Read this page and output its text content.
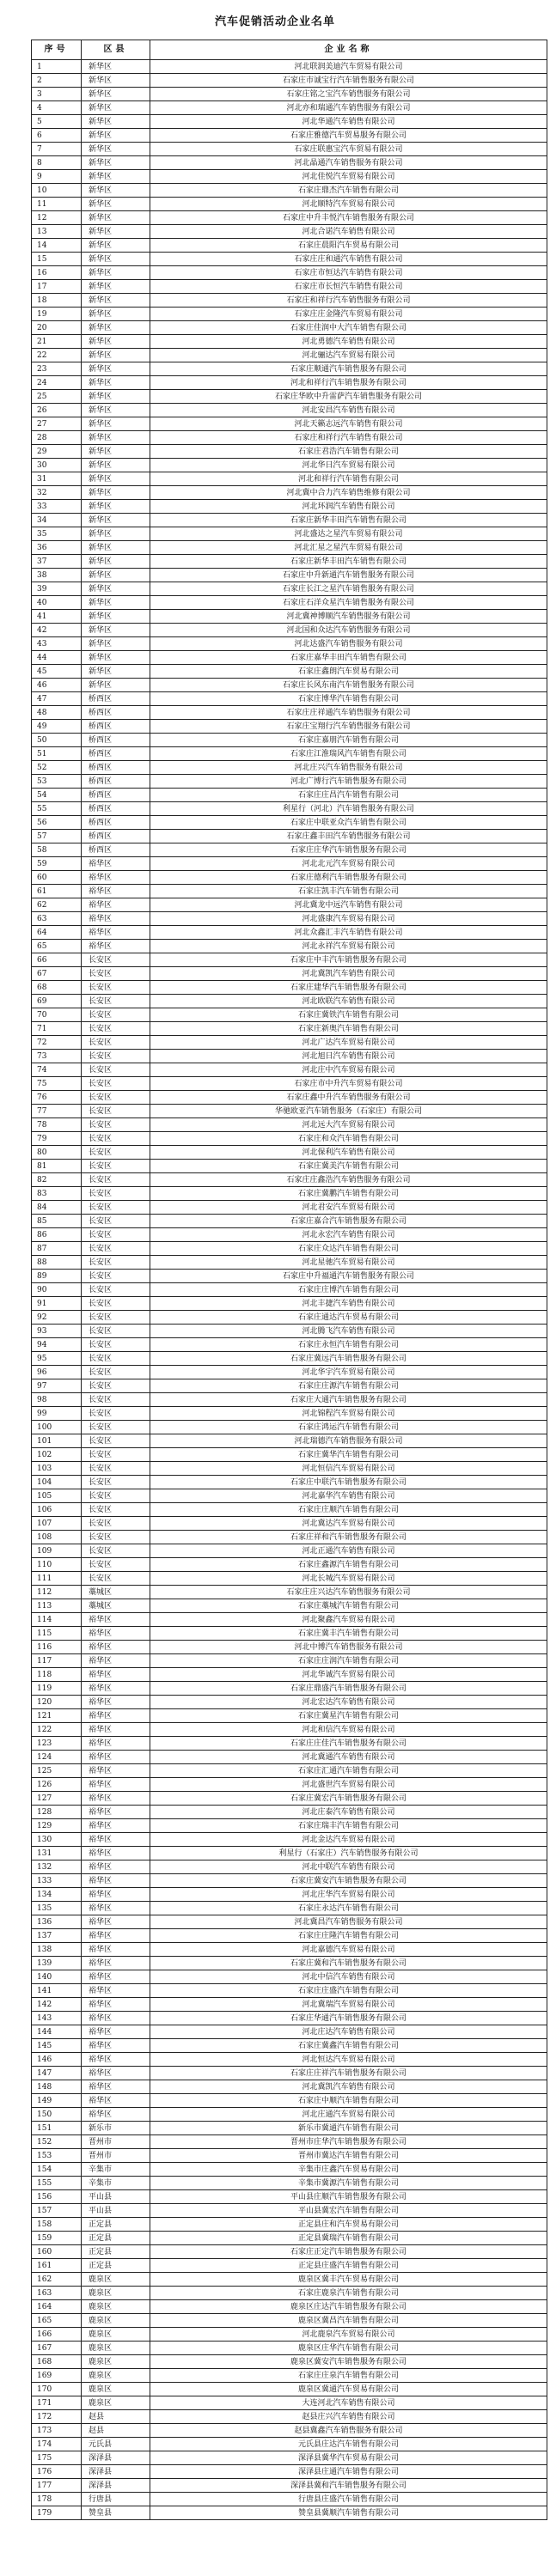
汽车促销活动企业名单
序号	区县	企业名称
1	新华区	河北联润美迪汽车贸易有限公司
2	新华区	石家庄市诚宝行汽车销售服务有限公司
3	新华区	石家庄铭之宝汽车销售服务有限公司
4	新华区	河北亦和瑞通汽车销售服务有限公司
5	新华区	河北华通汽车销售有限公司
6	新华区	石家庄雅德汽车贸易服务有限公司
7	新华区	石家庄联惠宝汽车贸易有限公司
8	新华区	河北晶通汽车销售服务有限公司
9	新华区	河北佳悦汽车贸易有限公司
10	新华区	石家庄鼎杰汽车销售有限公司
11	新华区	河北顺特汽车贸易有限公司
12	新华区	石家庄中升丰悦汽车销售服务有限公司
13	新华区	河北合诺汽车销售有限公司
14	新华区	石家庄晨阳汽车贸易有限公司
15	新华区	石家庄庄和通汽车销售有限公司
16	新华区	石家庄市恒达汽车销售有限公司
17	新华区	石家庄市长恒汽车销售有限公司
18	新华区	石家庄和祥行汽车销售服务有限公司
19	新华区	石家庄庄金隆汽车贸易有限公司
20	新华区	石家庄佳润中大汽车销售有限公司
21	新华区	河北勇德汽车销售有限公司
22	新华区	河北骊达汽车贸易有限公司
23	新华区	石家庄顺通汽车销售服务有限公司
24	新华区	河北和祥行汽车销售服务有限公司
25	新华区	石家庄华欧中升雷萨汽车销售服务有限公司
26	新华区	河北安昌汽车销售有限公司
27	新华区	河北天籁志远汽车销售有限公司
28	新华区	石家庄和祥行汽车销售有限公司
29	新华区	石家庄君浩汽车销售有限公司
30	新华区	河北华日汽车贸易有限公司
31	新华区	河北和祥行汽车销售有限公司
32	新华区	河北冀中合力汽车销售维修有限公司
33	新华区	河北环润汽车销售有限公司
34	新华区	石家庄新华丰田汽车销售有限公司
35	新华区	河北盛达之星汽车贸易有限公司
36	新华区	河北汇星之星汽车贸易有限公司
37	新华区	石家庄新华丰田汽车销售有限公司
38	新华区	石家庄中升新通汽车销售服务有限公司
39	新华区	石家庄长江之星汽车销售服务有限公司
40	新华区	石家庄石洋众星汽车销售服务有限公司
41	新华区	河北冀神博顺汽车销售服务有限公司
42	新华区	河北国和众达汽车销售服务有限公司
43	新华区	河北达盛汽车销售服务有限公司
44	新华区	石家庄嘉华丰田汽车销售有限公司
45	新华区	石家庄鑫朗汽车贸易有限公司
46	新华区	石家庄长风东南汽车销售服务有限公司
47	桥西区	石家庄博华汽车销售有限公司
48	桥西区	石家庄庄祥通汽车销售服务有限公司
49	桥西区	石家庄宝翔行汽车销售服务有限公司
50	桥西区	石家庄嘉朋汽车销售有限公司
51	桥西区	石家庄江淮瑞风汽车销售有限公司
52	桥西区	河北庄兴汽车销售服务有限公司
53	桥西区	河北广博行汽车销售服务有限公司
54	桥西区	石家庄庄昌汽车销售有限公司
55	桥西区	利星行（河北）汽车销售服务有限公司
56	桥西区	石家庄中联亚众汽车销售有限公司
57	桥西区	石家庄鑫丰田汽车销售服务有限公司
58	桥西区	石家庄庄华汽车销售服务有限公司
59	裕华区	河北北元汽车贸易有限公司
60	裕华区	石家庄德利汽车销售服务有限公司
61	裕华区	石家庄凯丰汽车销售有限公司
62	裕华区	河北冀龙中远汽车销售有限公司
63	裕华区	河北盛康汽车贸易有限公司
64	裕华区	河北众鑫汇丰汽车销售有限公司
65	裕华区	河北永祥汽车贸易有限公司
66	长安区	石家庄中丰汽车销售服务有限公司
67	长安区	河北冀凯汽车销售有限公司
68	长安区	石家庄建华汽车销售服务有限公司
69	长安区	河北欧联汽车销售有限公司
70	长安区	石家庄冀铁汽车销售有限公司
71	长安区	石家庄新奥汽车销售有限公司
72	长安区	河北广达汽车贸易有限公司
73	长安区	河北旭日汽车销售有限公司
74	长安区	河北庄中汽车贸易有限公司
75	长安区	石家庄市中升汽车贸易有限公司
76	长安区	石家庄鑫中升汽车销售服务有限公司
77	长安区	华驰欧亚汽车销售服务（石家庄）有限公司
78	长安区	河北远大汽车贸易有限公司
79	长安区	石家庄和众汽车销售有限公司
80	长安区	河北保利汽车销售有限公司
81	长安区	石家庄冀美汽车销售有限公司
82	长安区	石家庄庄鑫浩汽车销售服务有限公司
83	长安区	石家庄冀鹏汽车销售有限公司
84	长安区	河北君安汽车贸易有限公司
85	长安区	石家庄嘉合汽车销售服务有限公司
86	长安区	河北永宏汽车销售有限公司
87	长安区	石家庄众达汽车销售有限公司
88	长安区	河北星驰汽车贸易有限公司
89	长安区	石家庄中升福通汽车销售服务有限公司
90	长安区	石家庄庄博汽车销售有限公司
91	长安区	河北丰捷汽车销售有限公司
92	长安区	石家庄通达汽车贸易有限公司
93	长安区	河北腾飞汽车销售有限公司
94	长安区	石家庄永恒汽车销售有限公司
95	长安区	石家庄冀远汽车销售服务有限公司
96	长安区	河北华宇汽车贸易有限公司
97	长安区	石家庄庄源汽车销售有限公司
98	长安区	石家庄大通汽车销售服务有限公司
99	长安区	河北锦程汽车贸易有限公司
100	长安区	石家庄鸿运汽车销售有限公司
101	长安区	河北瑞德汽车销售服务有限公司
102	长安区	石家庄冀华汽车销售有限公司
103	长安区	河北恒信汽车贸易有限公司
104	长安区	石家庄中联汽车销售服务有限公司
105	长安区	河北嘉华汽车销售有限公司
106	长安区	石家庄庄顺汽车销售有限公司
107	长安区	河北冀达汽车贸易有限公司
108	长安区	石家庄祥和汽车销售服务有限公司
109	长安区	河北正通汽车销售有限公司
110	长安区	石家庄鑫源汽车销售有限公司
111	长安区	河北长城汽车贸易有限公司
112	藁城区	石家庄庄兴达汽车销售服务有限公司
113	藁城区	石家庄藁城汽车销售有限公司
114	裕华区	河北聚鑫汽车贸易有限公司
115	裕华区	石家庄冀丰汽车销售有限公司
116	裕华区	河北中博汽车销售服务有限公司
117	裕华区	石家庄庄润汽车销售有限公司
118	裕华区	河北华诚汽车贸易有限公司
119	裕华区	石家庄鼎盛汽车销售服务有限公司
120	裕华区	河北宏达汽车销售有限公司
121	裕华区	石家庄冀星汽车销售有限公司
122	裕华区	河北和信汽车贸易有限公司
123	裕华区	石家庄庄佳汽车销售服务有限公司
124	裕华区	河北冀通汽车销售有限公司
125	裕华区	石家庄汇通汽车销售有限公司
126	裕华区	河北盛世汽车贸易有限公司
127	裕华区	石家庄冀宏汽车销售服务有限公司
128	裕华区	河北庄泰汽车销售有限公司
129	裕华区	石家庄瑞丰汽车销售有限公司
130	裕华区	河北金达汽车贸易有限公司
131	裕华区	利星行（石家庄）汽车销售服务有限公司
132	裕华区	河北中联汽车销售有限公司
133	裕华区	石家庄冀安汽车销售服务有限公司
134	裕华区	河北庄华汽车贸易有限公司
135	裕华区	石家庄永达汽车销售有限公司
136	裕华区	河北冀昌汽车销售服务有限公司
137	裕华区	石家庄庄隆汽车销售有限公司
138	裕华区	河北嘉德汽车贸易有限公司
139	裕华区	石家庄冀和汽车销售服务有限公司
140	裕华区	河北中信汽车销售有限公司
141	裕华区	石家庄庄盛汽车销售有限公司
142	裕华区	河北冀瑞汽车贸易有限公司
143	裕华区	石家庄华通汽车销售服务有限公司
144	裕华区	河北庄达汽车销售有限公司
145	裕华区	石家庄冀鑫汽车销售有限公司
146	裕华区	河北恒达汽车贸易有限公司
147	裕华区	石家庄庄祥汽车销售服务有限公司
148	裕华区	河北冀凯汽车销售有限公司
149	裕华区	石家庄中顺汽车销售有限公司
150	裕华区	河北庄通汽车贸易有限公司
151	新乐市	新乐市冀通汽车销售有限公司
152	晋州市	晋州市庄华汽车销售服务有限公司
153	晋州市	晋州市冀达汽车销售有限公司
154	辛集市	辛集市庄鑫汽车贸易有限公司
155	辛集市	辛集市冀源汽车销售有限公司
156	平山县	平山县庄顺汽车销售服务有限公司
157	平山县	平山县冀宏汽车销售有限公司
158	正定县	正定县庄和汽车贸易有限公司
159	正定县	正定县冀瑞汽车销售有限公司
160	正定县	石家庄正定汽车销售服务有限公司
161	正定县	正定县庄盛汽车销售有限公司
162	鹿泉区	鹿泉区冀丰汽车贸易有限公司
163	鹿泉区	石家庄鹿泉汽车销售有限公司
164	鹿泉区	鹿泉区庄达汽车销售服务有限公司
165	鹿泉区	鹿泉区冀昌汽车销售有限公司
166	鹿泉区	河北鹿泉汽车贸易有限公司
167	鹿泉区	鹿泉区庄华汽车销售有限公司
168	鹿泉区	鹿泉区冀安汽车销售服务有限公司
169	鹿泉区	石家庄庄泉汽车销售有限公司
170	鹿泉区	鹿泉区冀通汽车贸易有限公司
171	鹿泉区	大连河北汽车销售有限公司
172	赵县	赵县庄兴汽车销售有限公司
173	赵县	赵县冀鑫汽车销售服务有限公司
174	元氏县	元氏县庄达汽车销售有限公司
175	深泽县	深泽县冀华汽车贸易有限公司
176	深泽县	深泽县庄通汽车销售有限公司
177	深泽县	深泽县冀和汽车销售服务有限公司
178	行唐县	行唐县庄盛汽车销售有限公司
179	赞皇县	赞皇县冀顺汽车销售有限公司
